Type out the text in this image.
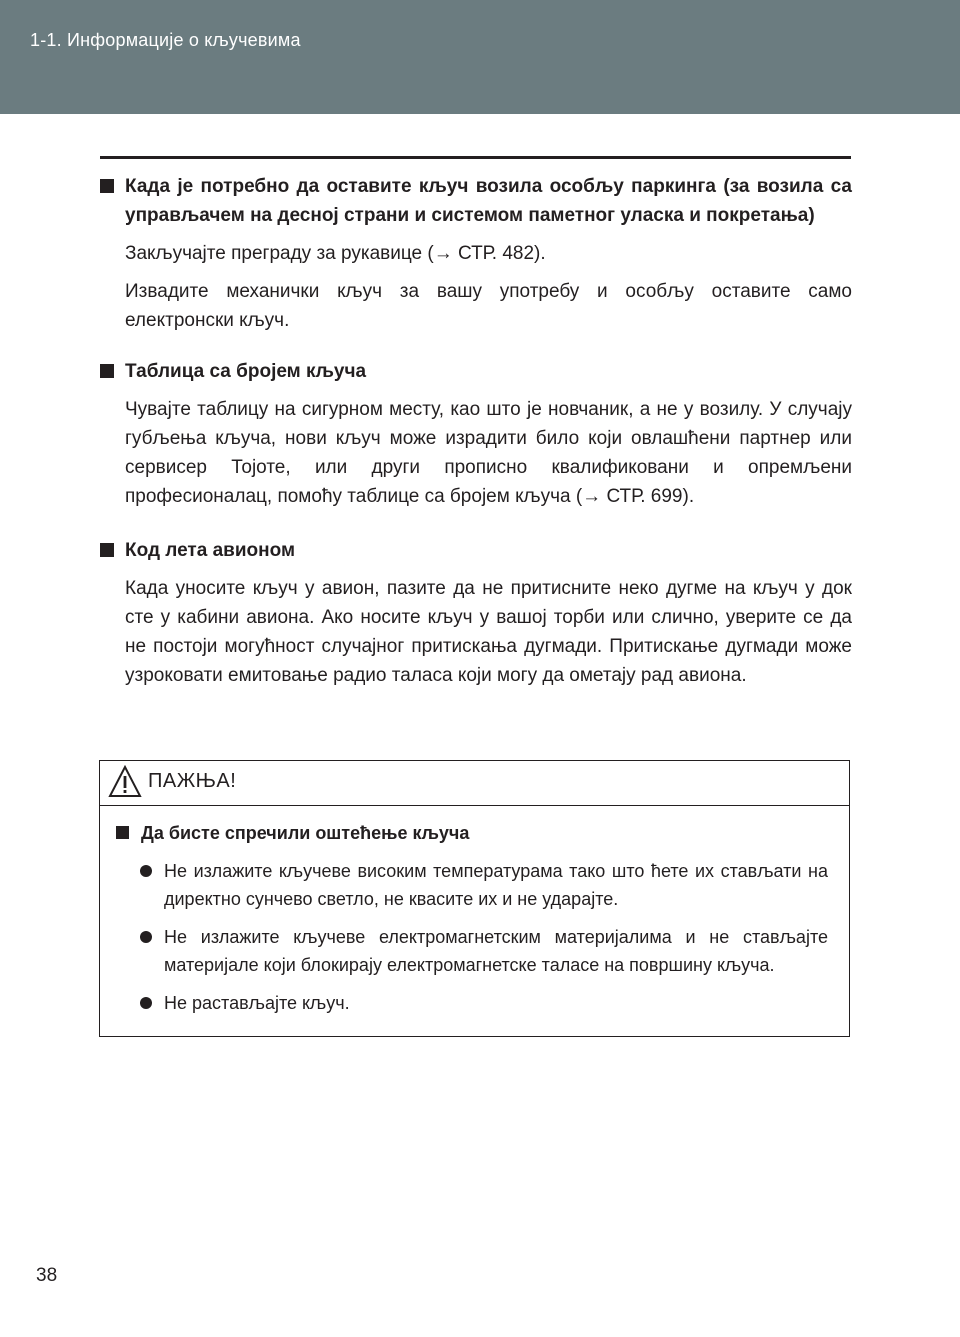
1-1. Информације о кључевима
Када је потребно да оставите кључ возила особљу паркинга (за возила са управљачем на десној страни и системом паметног уласка и покретања)
Закључајте преграду за рукавице (→ СТР. 482).
Извадите механички кључ за вашу употребу и особљу оставите само електронски кључ.
Таблица са бројем кључа
Чувајте таблицу на сигурном месту, као што је новчаник, а не у возилу. У случају губљења кључа, нови кључ може израдити било који овлашћени партнер или сервисер Тојоте, или други прописно квалификовани и опремљени професионалац, помоћу таблице са бројем кључа (→ СТР. 699).
Код лета авионом
Када уносите кључ у авион, пазите да не притисните неко дугме на кључ у док сте у кабини авиона. Ако носите кључ у вашој торби или слично, уверите се да не постоји могућност случајног притискања дугмади. Притискање дугмади може узроковати емитовање радио таласа који могу да ометају рад авиона.
ПАЖЊА!
Да бисте спречили оштећење кључа
Не излажите кључеве високим температурама тако што ћете их стављати на директно сунчево светло, не квасите их и не ударајте.
Не излажите кључеве електромагнетским материјалима и не стављајте материјале који блокирају електромагнетске таласе на површину кључа.
Не растављајте кључ.
38
